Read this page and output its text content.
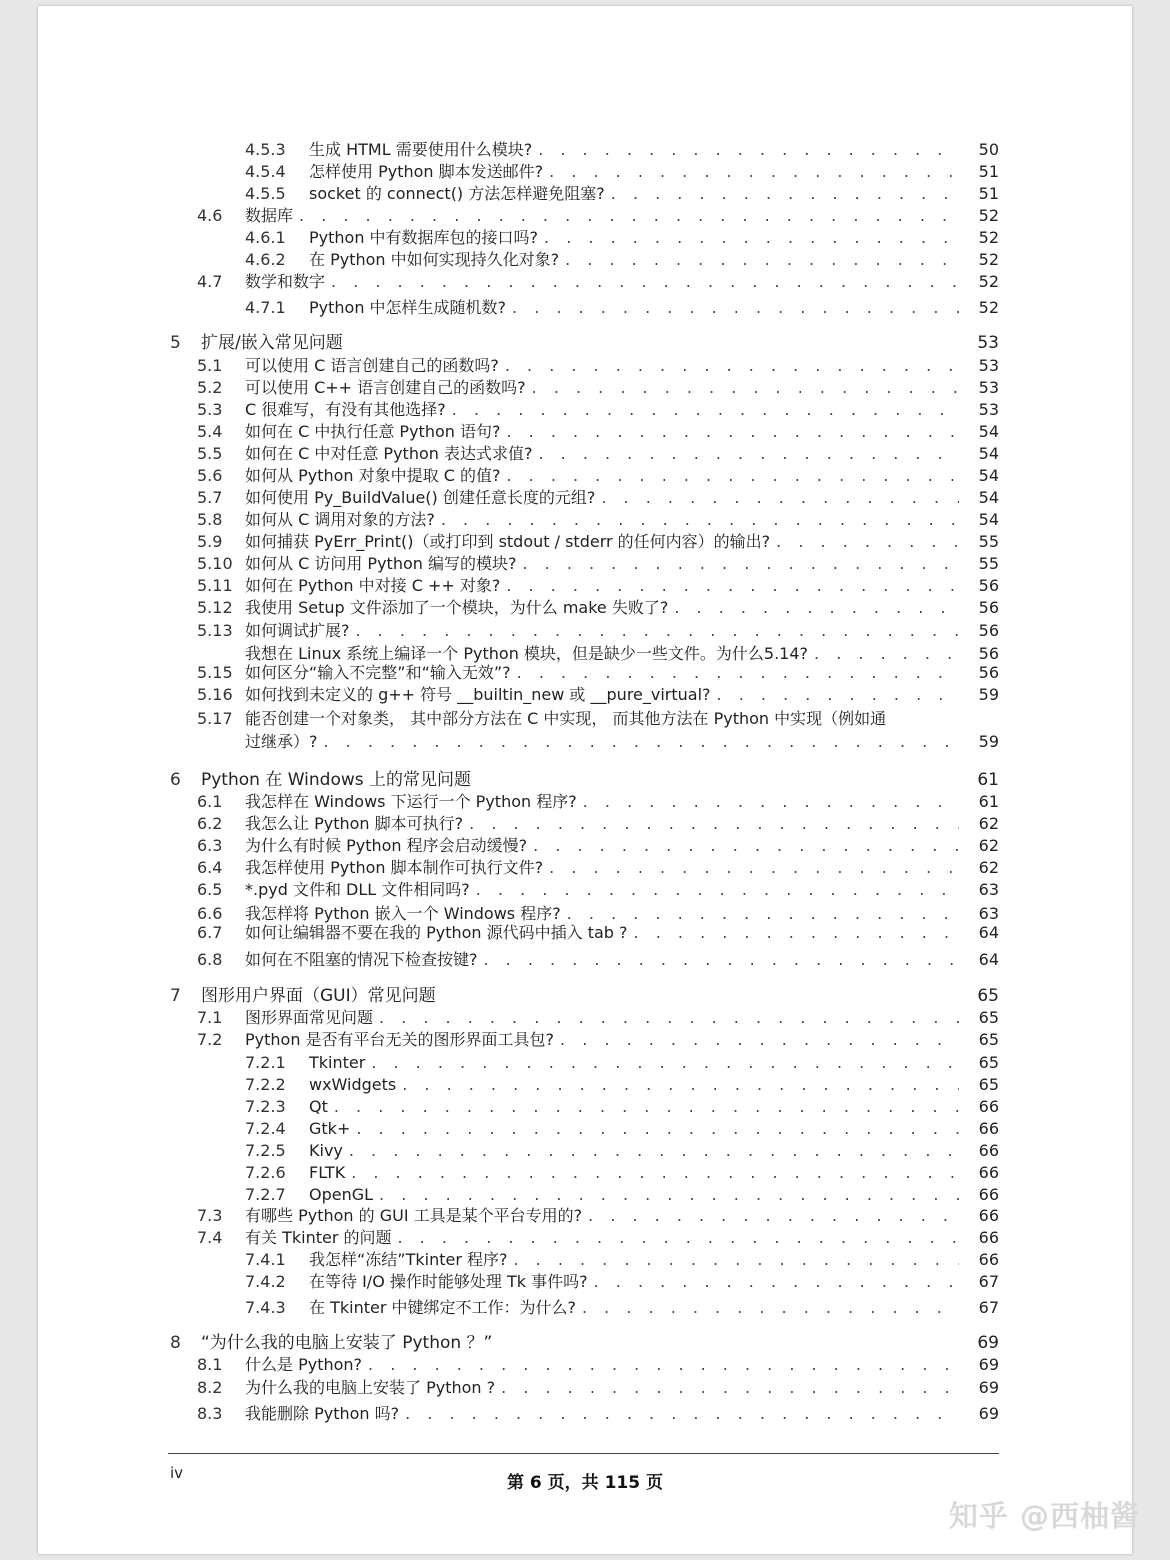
4.5.3	生成 HTML 需要使用什么模块? . . .	50
4.5.4	怎样使用 Python 脚本发送邮件? . . .	51
4.5.5	socket 的 connect() 方法怎样避免阻塞? . . .	51
4.6	数据库 . . .	52
4.6.1	Python 中有数据库包的接口吗? . . .	52
4.6.2	在 Python 中如何实现持久化对象? . . .	52
4.7	数学和数字 . . .	52
4.7.1	Python 中怎样生成随机数? . . .	52
5	扩展/嵌入常见问题	53
5.1	可以使用 C 语言创建自己的函数吗? . . .	53
5.2	可以使用 C++ 语言创建自己的函数吗? . . .	53
5.3	C 很难写，有没有其他选择? . . .	53
5.4	如何在 C 中执行任意 Python 语句? . . .	54
5.5	如何在 C 中对任意 Python 表达式求值? . . .	54
5.6	如何从 Python 对象中提取 C 的值? . . .	54
5.7	如何使用 Py_BuildValue() 创建任意长度的元组? . . .	54
5.8	如何从 C 调用对象的方法? . . .	54
5.9	如何捕获 PyErr_Print()（或打印到 stdout / stderr 的任何内容）的输出? . . .	55
5.10 如何从 C 访问用 Python 编写的模块? . . .	55
5.11 如何在 Python 中对接 C ++ 对象? . . .	56
5.12 我使用 Setup 文件添加了一个模块，为什么 make 失败了? . . .	56
5.13 如何调试扩展? . . .	56
我想在 Linux 系统上编译一个 Python 模块，但是缺少一些文件。为什么5.14? . . .	56
5.15 如何区分“输入不完整”和“输入无效”? . . .	56
5.16 如何找到未定义的 g++ 符号 __builtin_new 或 __pure_virtual? . . .	59
5.17 能否创建一个对象类， 其中部分方法在 C 中实现， 而其他方法在 Python 中实现（例如通
过继承）? . . .	59
6	Python 在 Windows 上的常见问题	61
6.1	我怎样在 Windows 下运行一个 Python 程序? . . .	61
6.2	我怎么让 Python 脚本可执行? . . .	62
6.3	为什么有时候 Python 程序会启动缓慢? . . .	62
6.4	我怎样使用 Python 脚本制作可执行文件? . . .	62
6.5	*.pyd 文件和 DLL 文件相同吗? . . .	63
6.6	我怎样将 Python 嵌入一个 Windows 程序? . . .	63
6.7	如何让编辑器不要在我的 Python 源代码中插入 tab ? . . .	64
6.8	如何在不阻塞的情况下检查按键? . . .	64
7	图形用户界面（GUI）常见问题	65
7.1	图形界面常见问题 . . .	65
7.2	Python 是否有平台无关的图形界面工具包? . . .	65
7.2.1	Tkinter . . .	65
7.2.2	wxWidgets . . .	65
7.2.3	Qt . . .	66
7.2.4	Gtk+ . . .	66
7.2.5	Kivy . . .	66
7.2.6	FLTK . . .	66
7.2.7	OpenGL . . .	66
7.3	有哪些 Python 的 GUI 工具是某个平台专用的? . . .	66
7.4	有关 Tkinter 的问题 . . .	66
7.4.1	我怎样“冻结”Tkinter 程序? . . .	66
7.4.2	在等待 I/O 操作时能够处理 Tk 事件吗? . . .	67
7.4.3	在 Tkinter 中键绑定不工作：为什么? . . .	67
8	“为什么我的电脑上安装了 Python ？”	69
8.1	什么是 Python? . . .	69
8.2	为什么我的电脑上安装了 Python ? . . .	69
8.3	我能删除 Python 吗? . . .	69
iv	第 6 页，共 115 页
知乎 @西柚酱
